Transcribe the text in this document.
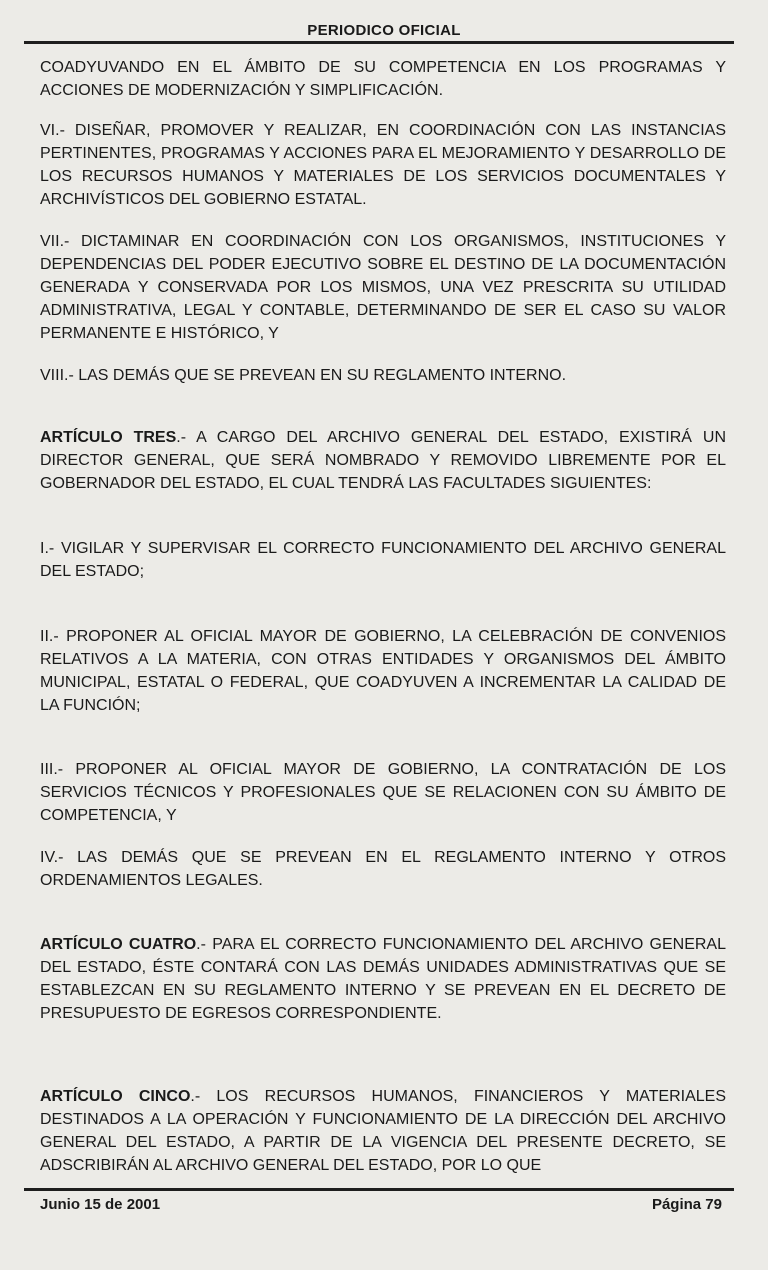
PERIODICO OFICIAL

COADYUVANDO EN EL ÁMBITO DE SU COMPETENCIA EN LOS PROGRAMAS Y ACCIONES DE MODERNIZACIÓN Y SIMPLIFICACIÓN.

VI.- DISEÑAR, PROMOVER Y REALIZAR, EN COORDINACIÓN CON LAS INSTANCIAS PERTINENTES, PROGRAMAS Y ACCIONES PARA EL MEJORAMIENTO Y DESARROLLO DE LOS RECURSOS HUMANOS Y MATERIALES DE LOS SERVICIOS DOCUMENTALES Y ARCHIVÍSTICOS DEL GOBIERNO ESTATAL.

VII.- DICTAMINAR EN COORDINACIÓN CON LOS ORGANISMOS, INSTITUCIONES Y DEPENDENCIAS DEL PODER EJECUTIVO SOBRE EL DESTINO DE LA DOCUMENTACIÓN GENERADA Y CONSERVADA POR LOS MISMOS, UNA VEZ PRESCRITA SU UTILIDAD ADMINISTRATIVA, LEGAL Y CONTABLE, DETERMINANDO DE SER EL CASO SU VALOR PERMANENTE E HISTÓRICO, Y

VIII.- LAS DEMÁS QUE SE PREVEAN EN SU REGLAMENTO INTERNO.

ARTÍCULO TRES.- A CARGO DEL ARCHIVO GENERAL DEL ESTADO, EXISTIRÁ UN DIRECTOR GENERAL, QUE SERÁ NOMBRADO Y REMOVIDO LIBREMENTE POR EL GOBERNADOR DEL ESTADO, EL CUAL TENDRÁ LAS FACULTADES SIGUIENTES:

I.- VIGILAR Y SUPERVISAR EL CORRECTO FUNCIONAMIENTO DEL ARCHIVO GENERAL DEL ESTADO;

II.- PROPONER AL OFICIAL MAYOR DE GOBIERNO, LA CELEBRACIÓN DE CONVENIOS RELATIVOS A LA MATERIA, CON OTRAS ENTIDADES Y ORGANISMOS DEL ÁMBITO MUNICIPAL, ESTATAL O FEDERAL, QUE COADYUVEN A INCREMENTAR LA CALIDAD DE LA FUNCIÓN;

III.- PROPONER AL OFICIAL MAYOR DE GOBIERNO, LA CONTRATACIÓN DE LOS SERVICIOS TÉCNICOS Y PROFESIONALES QUE SE RELACIONEN CON SU ÁMBITO DE COMPETENCIA, Y

IV.- LAS DEMÁS QUE SE PREVEAN EN EL REGLAMENTO INTERNO Y OTROS ORDENAMIENTOS LEGALES.

ARTÍCULO CUATRO.- PARA EL CORRECTO FUNCIONAMIENTO DEL ARCHIVO GENERAL DEL ESTADO, ÉSTE CONTARÁ CON LAS DEMÁS UNIDADES ADMINISTRATIVAS QUE SE ESTABLEZCAN EN SU REGLAMENTO INTERNO Y SE PREVEAN EN EL DECRETO DE PRESUPUESTO DE EGRESOS CORRESPONDIENTE.

ARTÍCULO CINCO.- LOS RECURSOS HUMANOS, FINANCIEROS Y MATERIALES DESTINADOS A LA OPERACIÓN Y FUNCIONAMIENTO DE LA DIRECCIÓN DEL ARCHIVO GENERAL DEL ESTADO, A PARTIR DE LA VIGENCIA DEL PRESENTE DECRETO, SE ADSCRIBIRÁN AL ARCHIVO GENERAL DEL ESTADO, POR LO QUE

Junio 15 de 2001	Página 79
